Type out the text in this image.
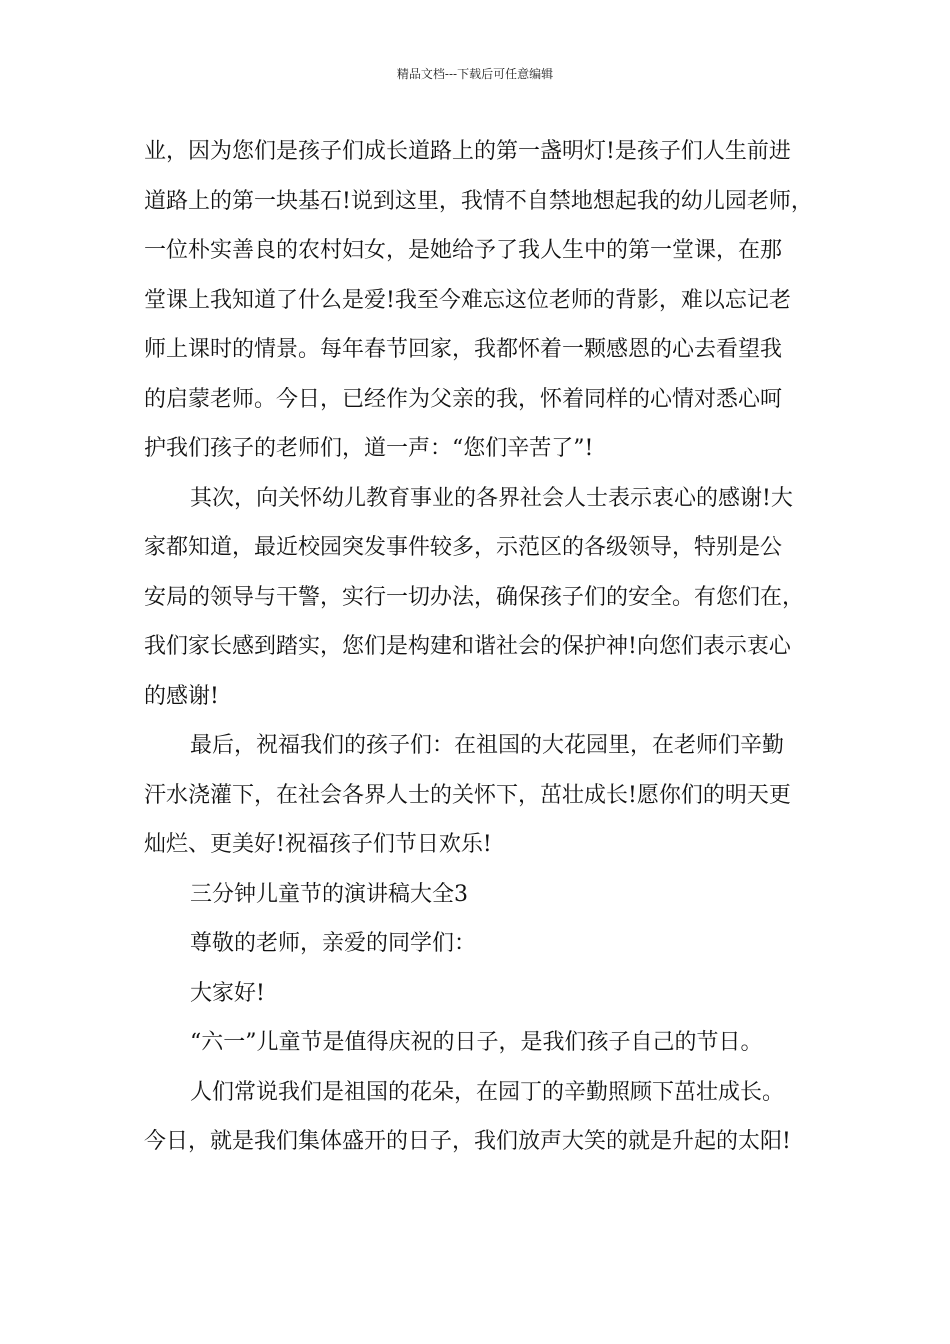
精品文档---下载后可任意编辑
业，因为您们是孩子们成长道路上的第一盏明灯!是孩子们人生前进
道路上的第一块基石!说到这里，我情不自禁地想起我的幼儿园老师，
一位朴实善良的农村妇女，是她给予了我人生中的第一堂课，在那
堂课上我知道了什么是爱!我至今难忘这位老师的背影，难以忘记老
师上课时的情景。每年春节回家，我都怀着一颗感恩的心去看望我
的启蒙老师。今日，已经作为父亲的我，怀着同样的心情对悉心呵
护我们孩子的老师们，道一声：“您们辛苦了”!
其次，向关怀幼儿教育事业的各界社会人士表示衷心的感谢!大
家都知道，最近校园突发事件较多，示范区的各级领导，特别是公
安局的领导与干警，实行一切办法，确保孩子们的安全。有您们在，
我们家长感到踏实，您们是构建和谐社会的保护神!向您们表示衷心
的感谢!
最后，祝福我们的孩子们：在祖国的大花园里，在老师们辛勤
汗水浇灌下，在社会各界人士的关怀下，茁壮成长!愿你们的明天更
灿烂、更美好!祝福孩子们节日欢乐!
三分钟儿童节的演讲稿大全3
尊敬的老师，亲爱的同学们：
大家好!
“六一”儿童节是值得庆祝的日子，是我们孩子自己的节日。
人们常说我们是祖国的花朵，在园丁的辛勤照顾下茁壮成长。
今日，就是我们集体盛开的日子，我们放声大笑的就是升起的太阳!
